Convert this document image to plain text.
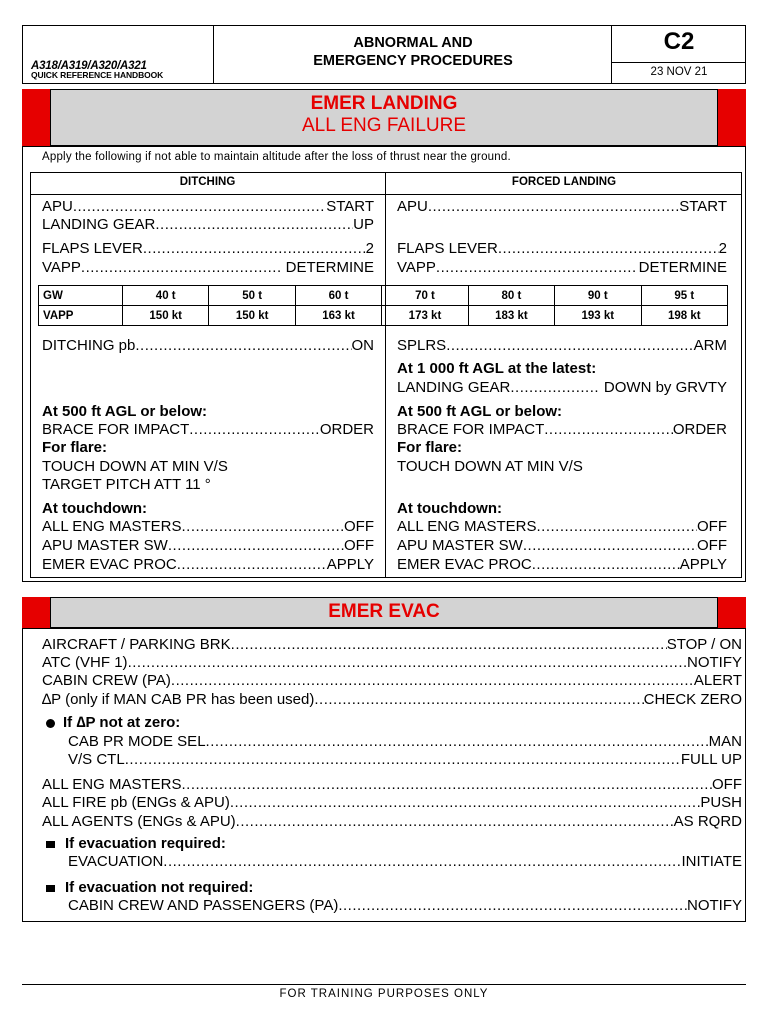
A318/A319/A320/A321
QUICK REFERENCE HANDBOOK
ABNORMAL AND
EMERGENCY PROCEDURES
C2
23 NOV 21
EMER LANDING
ALL ENG FAILURE
Apply the following if not able to maintain altitude after the loss of thrust near the ground.
DITCHING	FORCED LANDING
APU .....	START
LANDING GEAR .....	UP
FLAPS LEVER .....	2
VAPP .....	DETERMINE
APU .....	START
FLAPS LEVER .....	2
VAPP .....	DETERMINE
GW	40 t	50 t	60 t	70 t	80 t	90 t	95 t
VAPP	150 kt	150 kt	163 kt	173 kt	183 kt	193 kt	198 kt
DITCHING pb .....	ON
At 500 ft AGL or below:
BRACE FOR IMPACT .....	ORDER
For flare:
TOUCH DOWN AT MIN V/S
TARGET PITCH ATT 11 °
At touchdown:
ALL ENG MASTERS .....	OFF
APU MASTER SW .....	OFF
EMER EVAC PROC .....	APPLY
SPLRS .....	ARM
At 1 000 ft AGL at the latest:
LANDING GEAR .....	DOWN by GRVTY
At 500 ft AGL or below:
BRACE FOR IMPACT .....	ORDER
For flare:
TOUCH DOWN AT MIN V/S
At touchdown:
ALL ENG MASTERS .....	OFF
APU MASTER SW .....	OFF
EMER EVAC PROC .....	APPLY
EMER EVAC
AIRCRAFT / PARKING BRK .....	STOP / ON
ATC (VHF 1) .....	NOTIFY
CABIN CREW (PA) .....	ALERT
∆P (only if MAN CAB PR has been used) .....	CHECK ZERO
If ∆P not at zero:
CAB PR MODE SEL .....	MAN
V/S CTL .....	FULL UP
ALL ENG MASTERS .....	OFF
ALL FIRE pb (ENGs & APU) .....	PUSH
ALL AGENTS (ENGs & APU) .....	AS RQRD
If evacuation required:
EVACUATION .....	INITIATE
If evacuation not required:
CABIN CREW AND PASSENGERS (PA) .....	NOTIFY
FOR TRAINING PURPOSES ONLY
